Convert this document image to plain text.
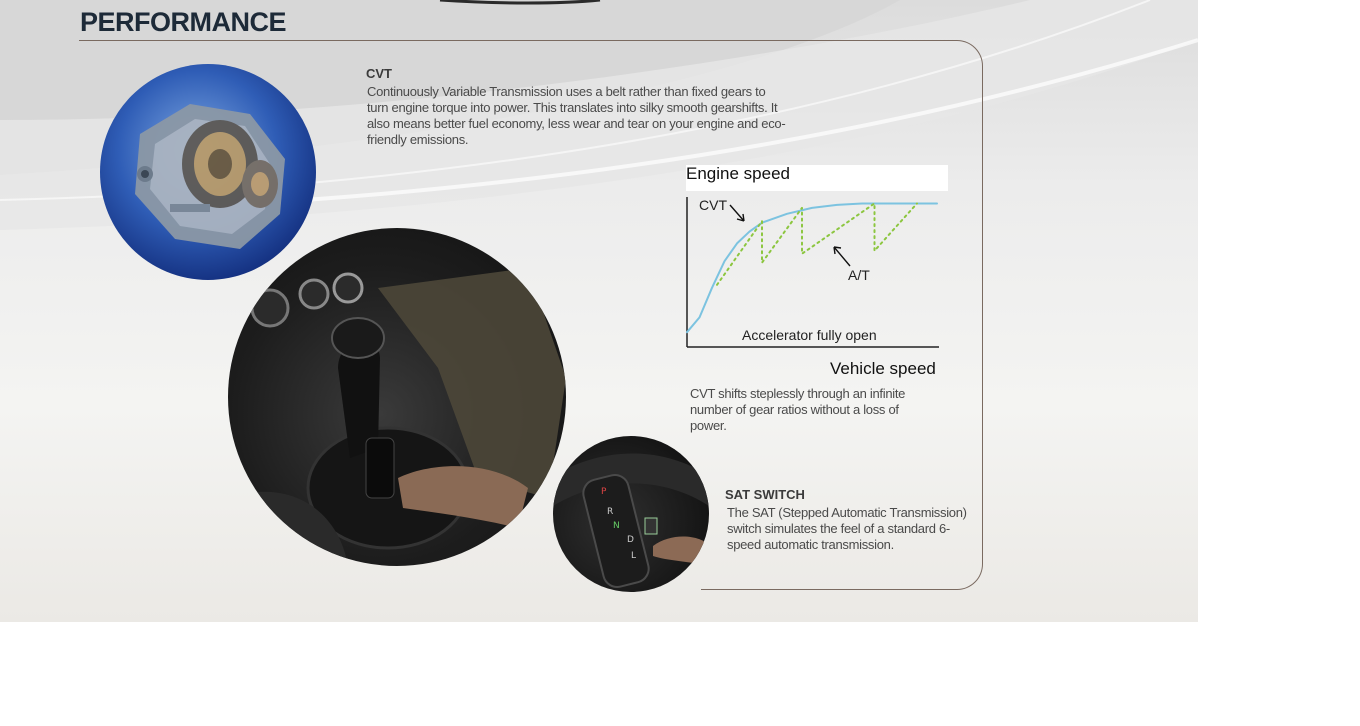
PERFORMANCE
CVT

Continuously Variable Transmission uses a belt rather than fixed gears to turn engine torque into power. This translates into silky smooth gearshifts. It also means better fuel economy, less wear and tear on your engine and eco-friendly emissions.

P
R
N
D
L
Engine speed
CVT
A/T
Accelerator fully open
Vehicle speed

CVT shifts steplessly through an infinite number of gear ratios without a loss of power.

SAT SWITCH

The SAT (Stepped Automatic Transmission) switch simulates the feel of a standard 6-speed automatic transmission.
